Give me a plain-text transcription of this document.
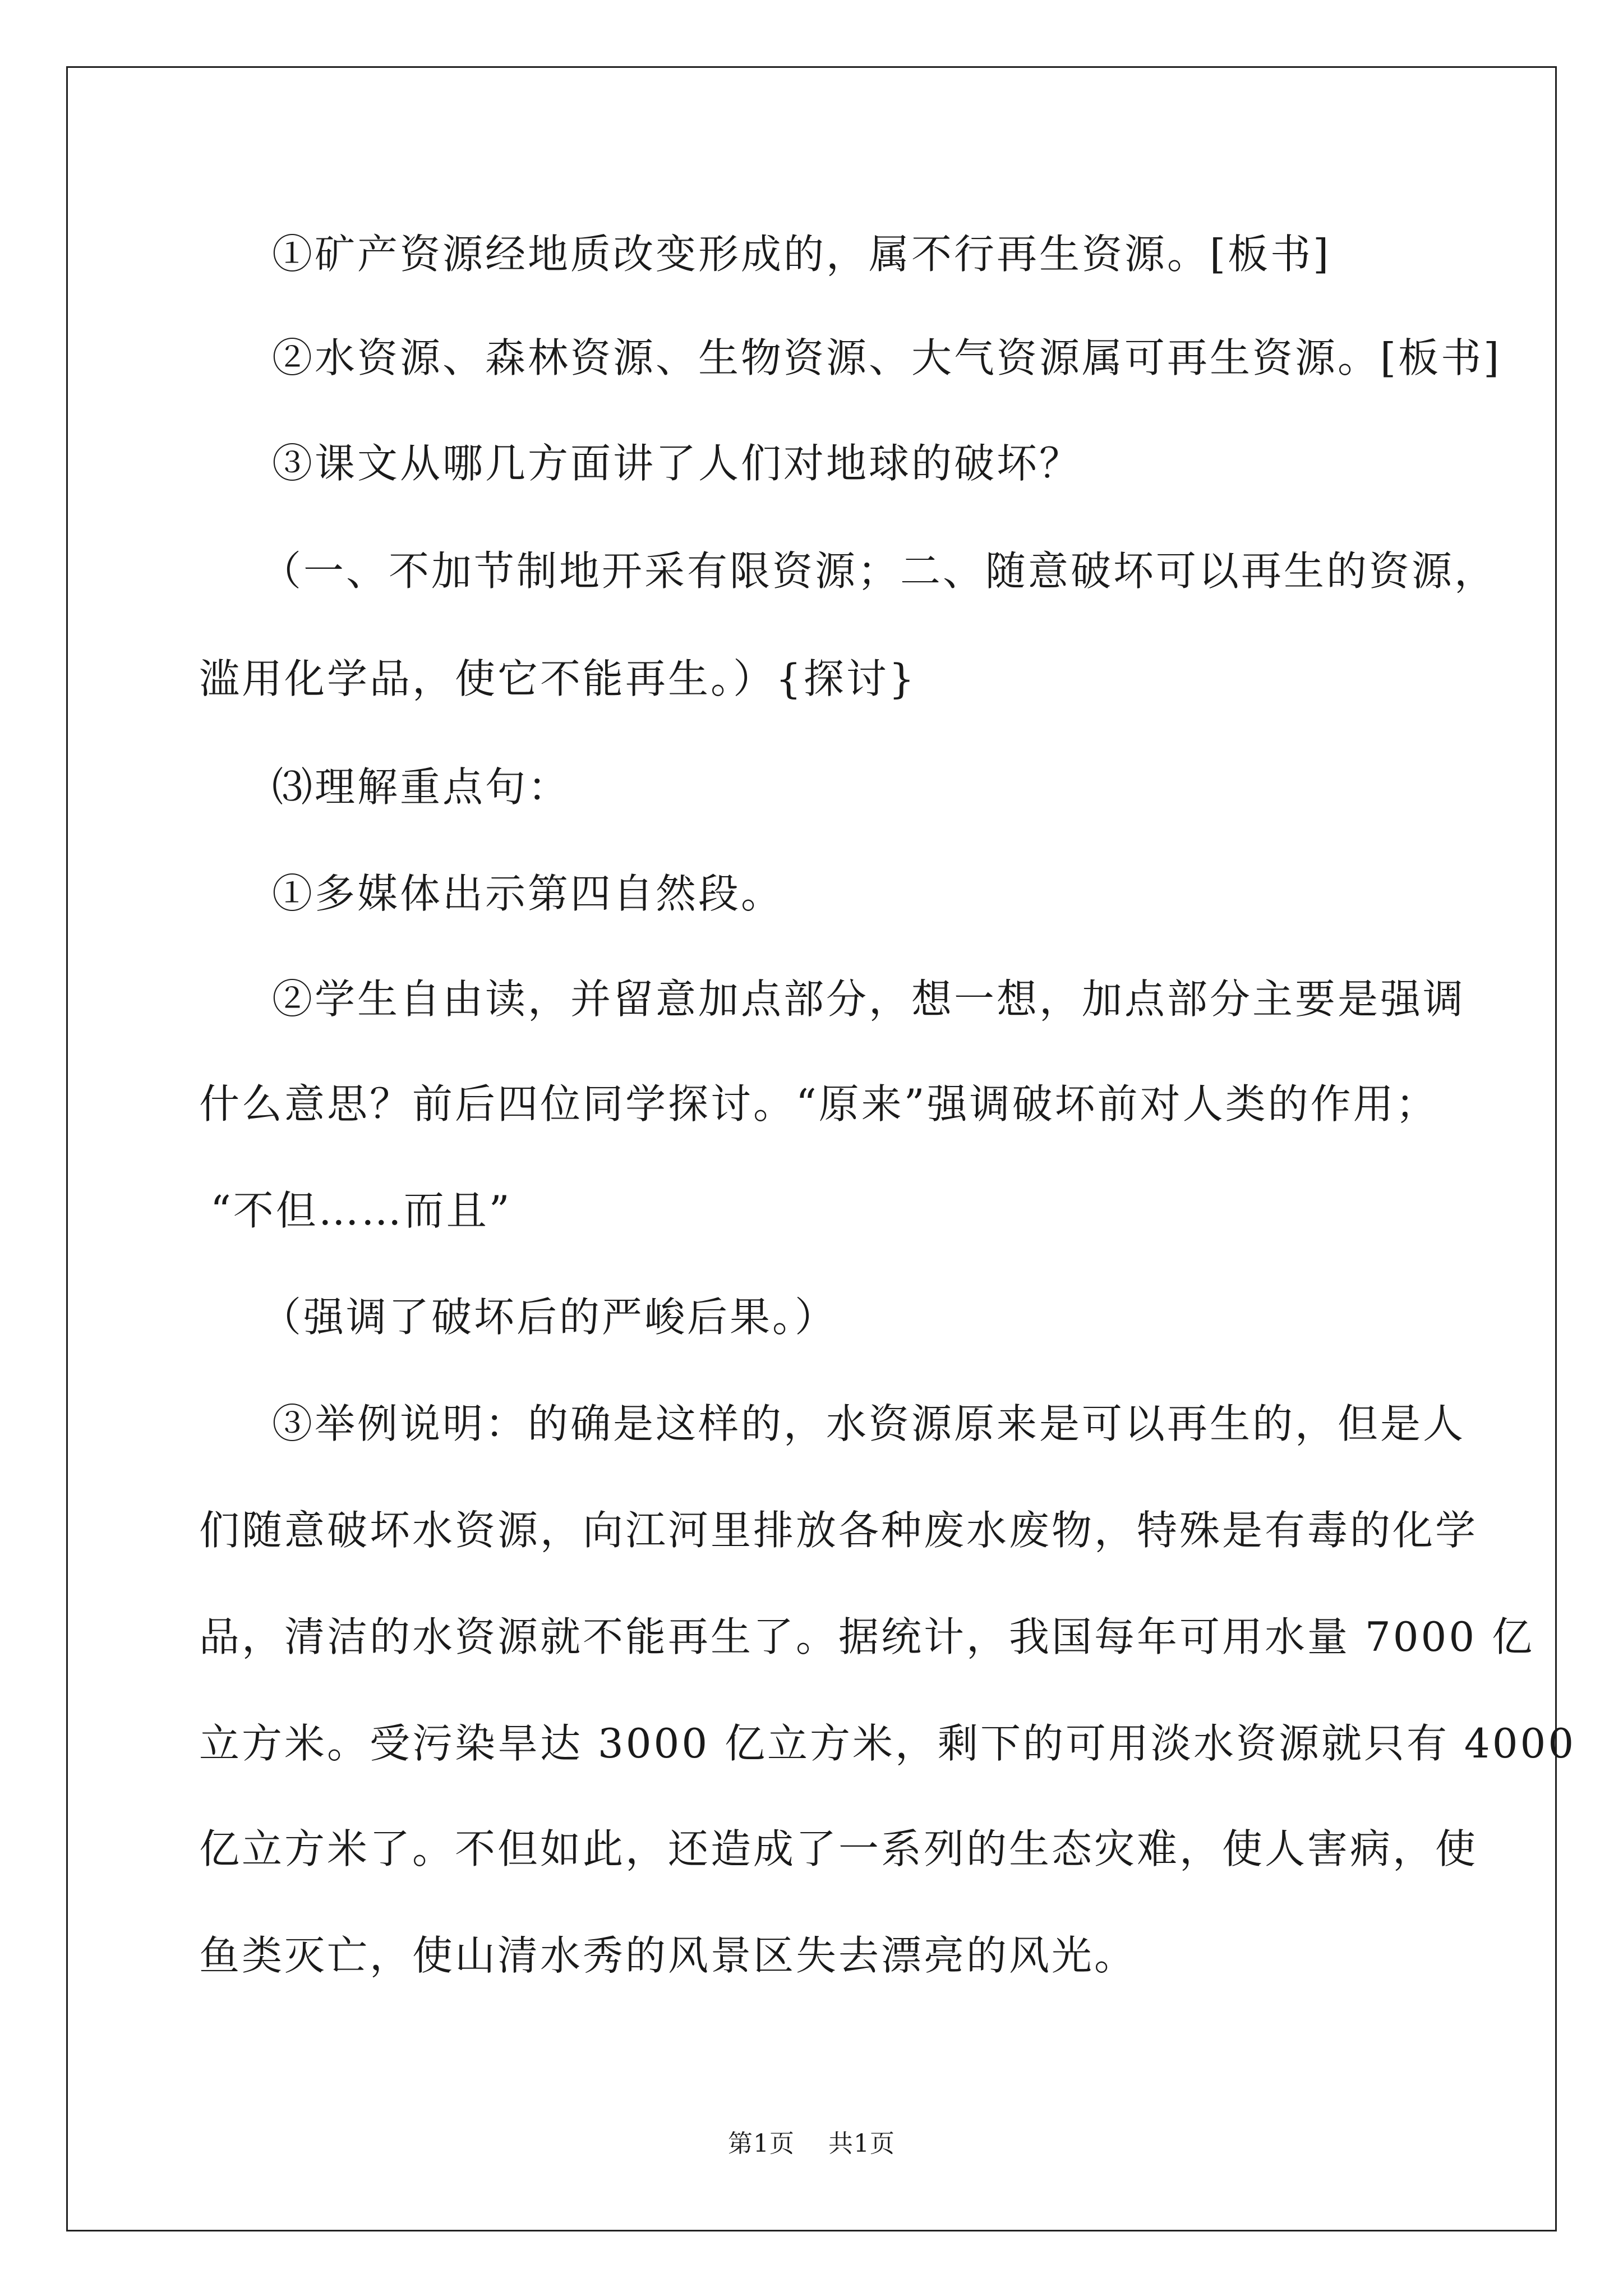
①矿产资源经地质改变形成的，属不行再生资源。[板书]
②水资源、森林资源、生物资源、大气资源属可再生资源。[板书]
③课文从哪几方面讲了人们对地球的破坏？
（一、不加节制地开采有限资源；二、随意破坏可以再生的资源，
滥用化学品，使它不能再生。）{探讨}
⑶理解重点句：
①多媒体出示第四自然段。
②学生自由读，并留意加点部分，想一想，加点部分主要是强调
什么意思？前后四位同学探讨。“原来”强调破坏前对人类的作用；
“不但……而且”
（强调了破坏后的严峻后果。）
③举例说明：的确是这样的，水资源原来是可以再生的，但是人
们随意破坏水资源，向江河里排放各种废水废物，特殊是有毒的化学
品，清洁的水资源就不能再生了。据统计，我国每年可用水量 7000 亿
立方米。受污染旱达 3000 亿立方米，剩下的可用淡水资源就只有 4000
亿立方米了。不但如此，还造成了一系列的生态灾难，使人害病，使
鱼类灭亡，使山清水秀的风景区失去漂亮的风光。
第1页 共1页
